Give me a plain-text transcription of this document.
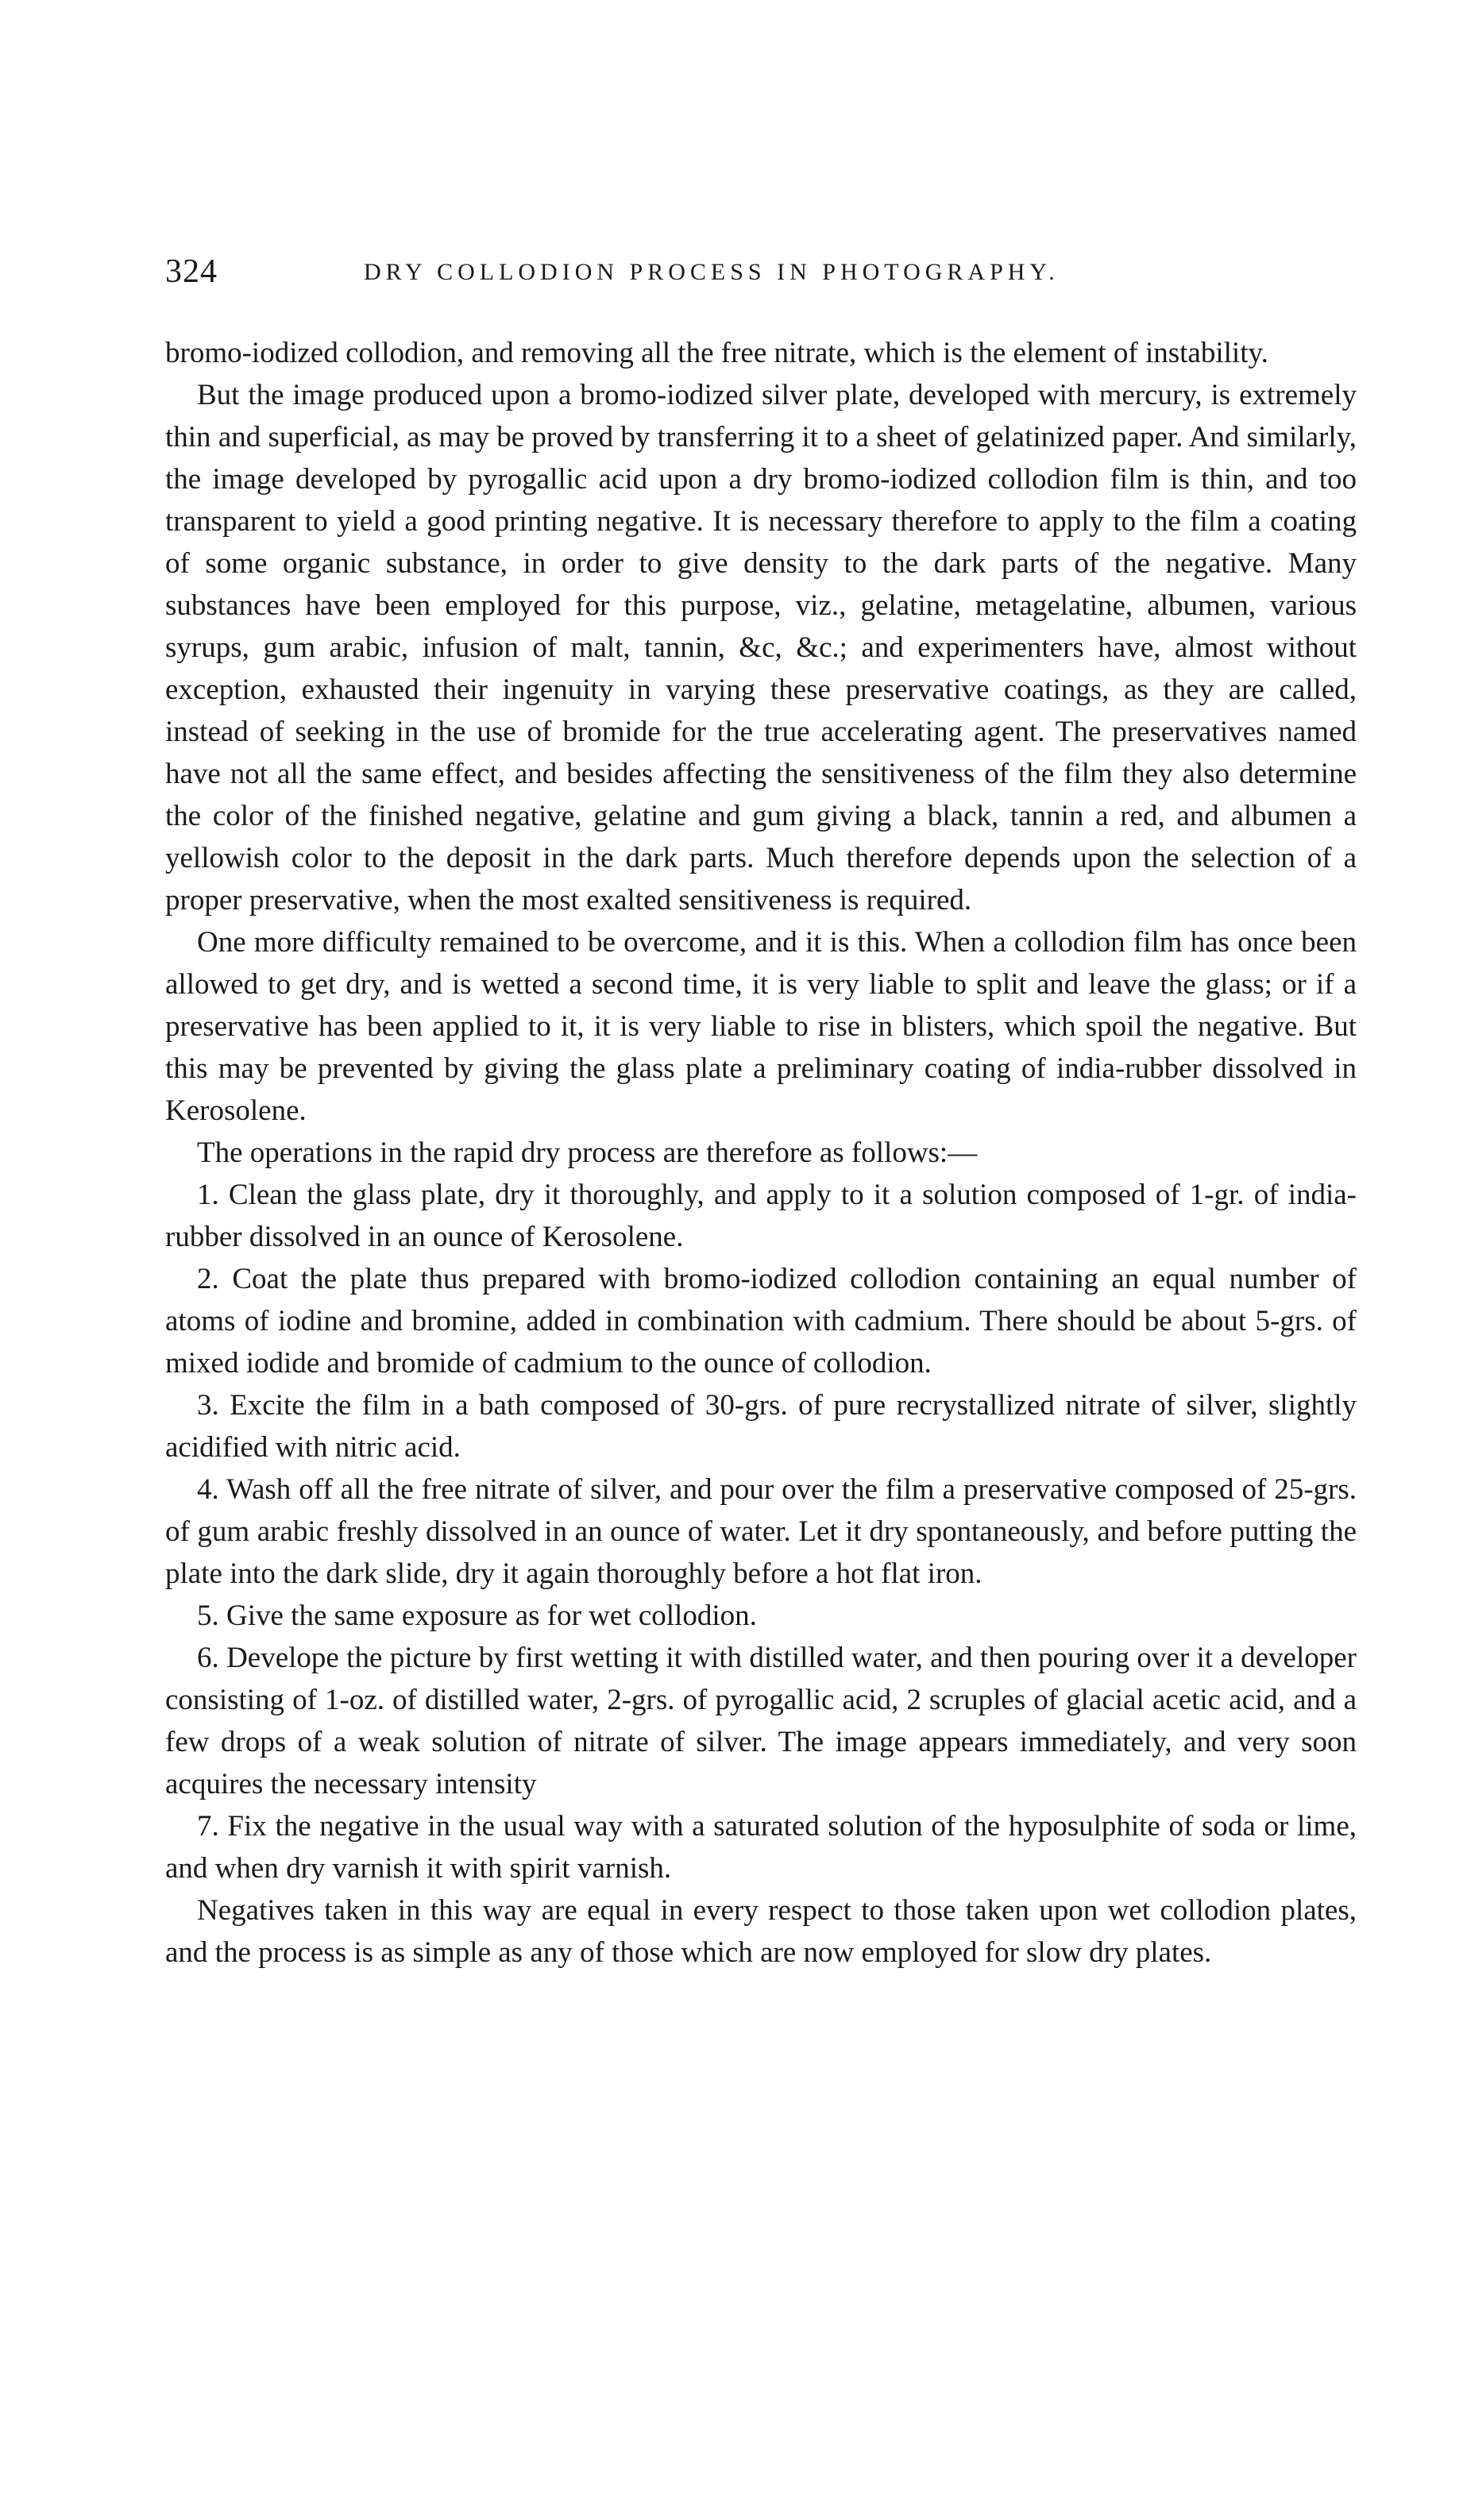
324	DRY COLLODION PROCESS IN PHOTOGRAPHY.

bromo-iodized collodion, and removing all the free nitrate, which is the element of instability.

But the image produced upon a bromo-iodized silver plate, developed with mercury, is extremely thin and superficial, as may be proved by transferring it to a sheet of gelatinized paper. And similarly, the image developed by pyrogallic acid upon a dry bromo-iodized collodion film is thin, and too transparent to yield a good printing negative. It is necessary therefore to apply to the film a coating of some organic substance, in order to give density to the dark parts of the negative. Many substances have been employed for this purpose, viz., gelatine, metagelatine, albumen, various syrups, gum arabic, infusion of malt, tannin, &c, &c.; and experimenters have, almost without exception, exhausted their ingenuity in varying these preservative coatings, as they are called, instead of seeking in the use of bromide for the true accelerating agent. The preservatives named have not all the same effect, and besides affecting the sensitiveness of the film they also determine the color of the finished negative, gelatine and gum giving a black, tannin a red, and albumen a yellowish color to the deposit in the dark parts. Much therefore depends upon the selection of a proper preservative, when the most exalted sensitiveness is required.

One more difficulty remained to be overcome, and it is this. When a collodion film has once been allowed to get dry, and is wetted a second time, it is very liable to split and leave the glass; or if a preservative has been applied to it, it is very liable to rise in blisters, which spoil the negative. But this may be prevented by giving the glass plate a preliminary coating of india-rubber dissolved in Kerosolene.

The operations in the rapid dry process are therefore as follows:—

1. Clean the glass plate, dry it thoroughly, and apply to it a solution composed of 1-gr. of india-rubber dissolved in an ounce of Kerosolene.

2. Coat the plate thus prepared with bromo-iodized collodion containing an equal number of atoms of iodine and bromine, added in combination with cadmium. There should be about 5-grs. of mixed iodide and bromide of cadmium to the ounce of collodion.

3. Excite the film in a bath composed of 30-grs. of pure recrystallized nitrate of silver, slightly acidified with nitric acid.

4. Wash off all the free nitrate of silver, and pour over the film a preservative composed of 25-grs. of gum arabic freshly dissolved in an ounce of water. Let it dry spontaneously, and before putting the plate into the dark slide, dry it again thoroughly before a hot flat iron.

5. Give the same exposure as for wet collodion.

6. Develope the picture by first wetting it with distilled water, and then pouring over it a developer consisting of 1-oz. of distilled water, 2-grs. of pyrogallic acid, 2 scruples of glacial acetic acid, and a few drops of a weak solution of nitrate of silver. The image appears immediately, and very soon acquires the necessary intensity

7. Fix the negative in the usual way with a saturated solution of the hyposulphite of soda or lime, and when dry varnish it with spirit varnish.

Negatives taken in this way are equal in every respect to those taken upon wet collodion plates, and the process is as simple as any of those which are now employed for slow dry plates.
